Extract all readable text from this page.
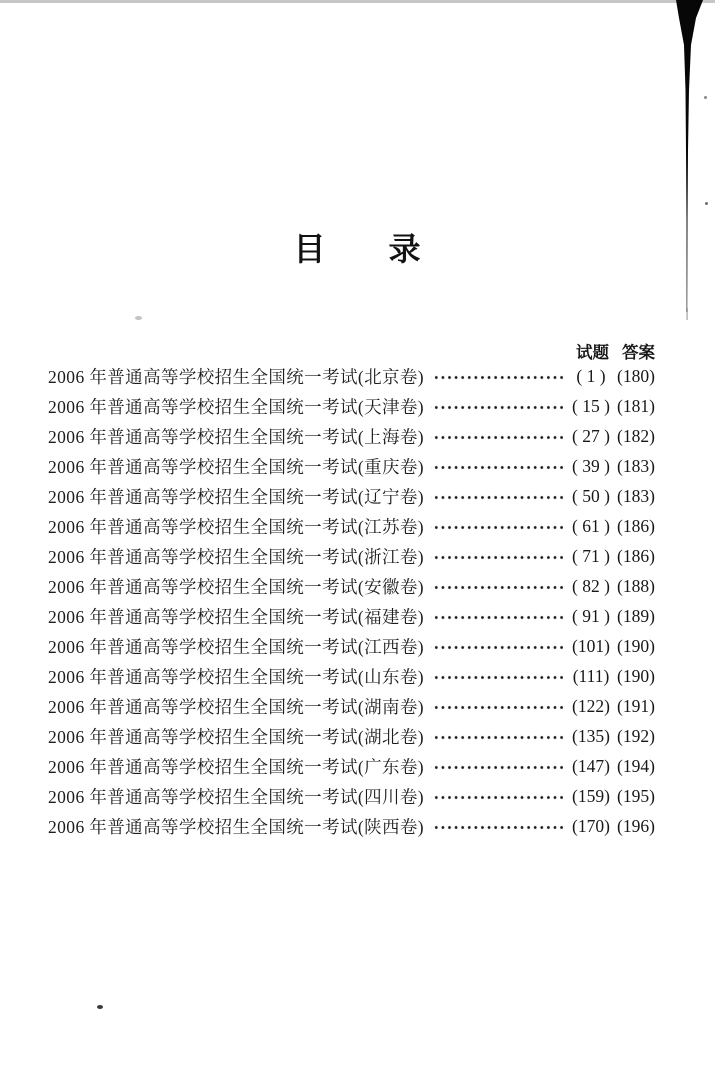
目 录
试题 答案
2006 年普通高等学校招生全国统一考试(北京卷)	( 1 ) (180)
2006 年普通高等学校招生全国统一考试(天津卷)	( 15 ) (181)
2006 年普通高等学校招生全国统一考试(上海卷)	( 27 ) (182)
2006 年普通高等学校招生全国统一考试(重庆卷)	( 39 ) (183)
2006 年普通高等学校招生全国统一考试(辽宁卷)	( 50 ) (183)
2006 年普通高等学校招生全国统一考试(江苏卷)	( 61 ) (186)
2006 年普通高等学校招生全国统一考试(浙江卷)	( 71 ) (186)
2006 年普通高等学校招生全国统一考试(安徽卷)	( 82 ) (188)
2006 年普通高等学校招生全国统一考试(福建卷)	( 91 ) (189)
2006 年普通高等学校招生全国统一考试(江西卷)	(101) (190)
2006 年普通高等学校招生全国统一考试(山东卷)	(111) (190)
2006 年普通高等学校招生全国统一考试(湖南卷)	(122) (191)
2006 年普通高等学校招生全国统一考试(湖北卷)	(135) (192)
2006 年普通高等学校招生全国统一考试(广东卷)	(147) (194)
2006 年普通高等学校招生全国统一考试(四川卷)	(159) (195)
2006 年普通高等学校招生全国统一考试(陕西卷)	(170) (196)
